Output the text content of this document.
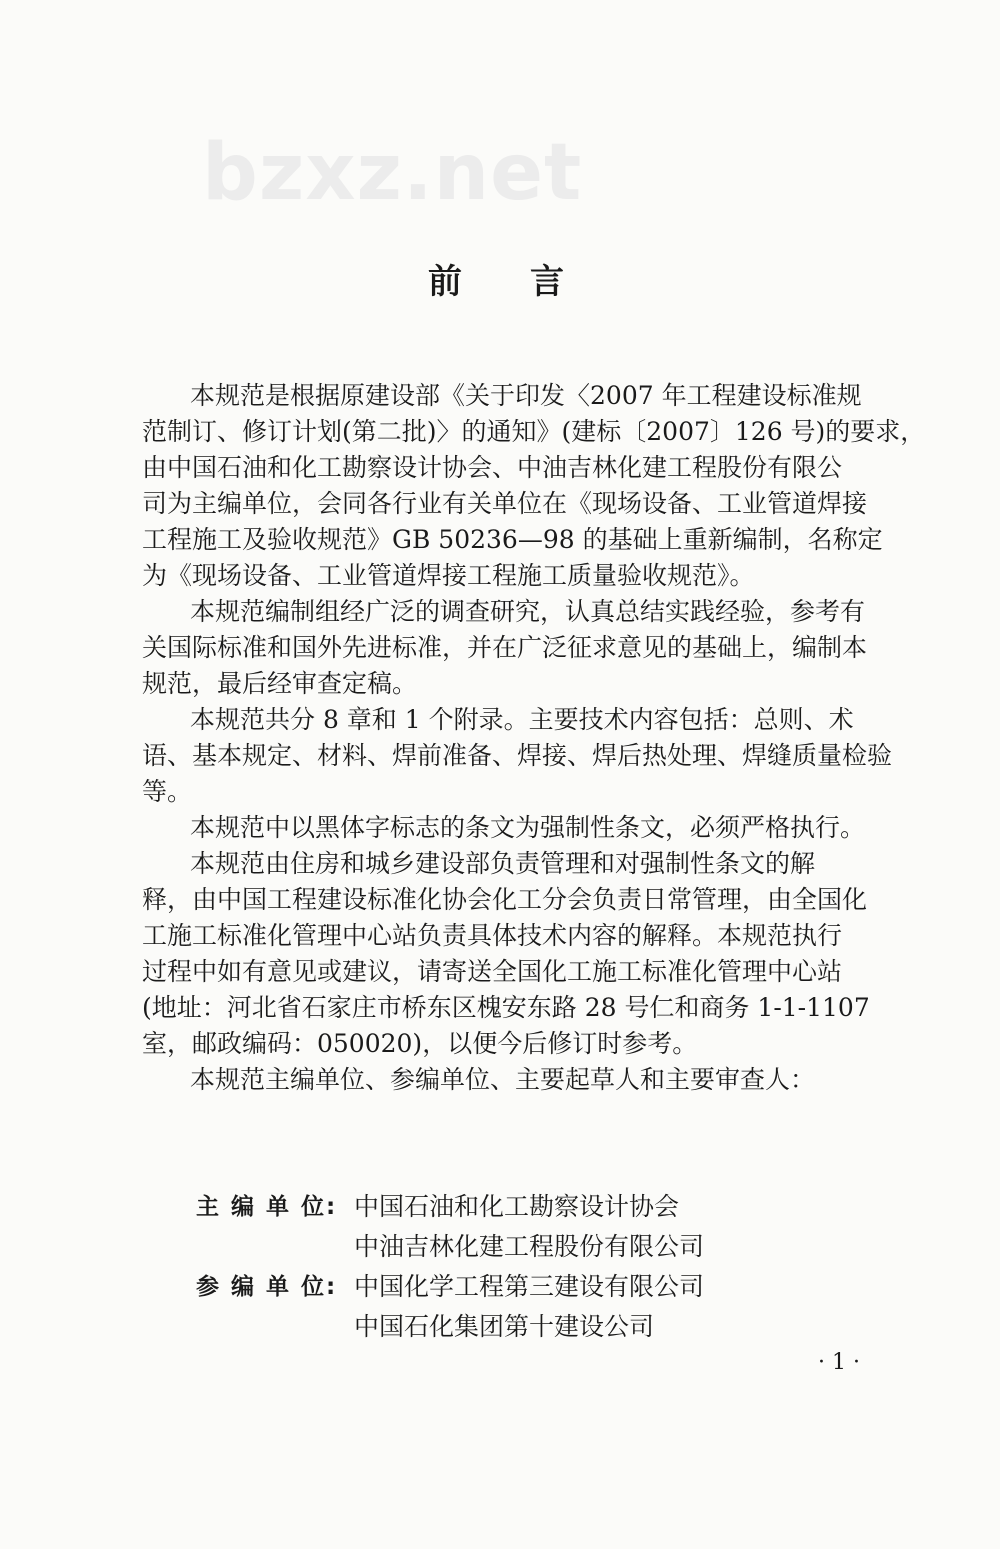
bzxz.net
前 言

本规范是根据原建设部《关于印发〈2007 年工程建设标准规
范制订、修订计划(第二批)〉的通知》(建标〔2007〕126 号)的要求，
由中国石油和化工勘察设计协会、中油吉林化建工程股份有限公
司为主编单位，会同各行业有关单位在《现场设备、工业管道焊接
工程施工及验收规范》GB 50236—98 的基础上重新编制，名称定
为《现场设备、工业管道焊接工程施工质量验收规范》。

本规范编制组经广泛的调查研究，认真总结实践经验，参考有
关国际标准和国外先进标准，并在广泛征求意见的基础上，编制本
规范，最后经审查定稿。

本规范共分 8 章和 1 个附录。主要技术内容包括：总则、术
语、基本规定、材料、焊前准备、焊接、焊后热处理、焊缝质量检验
等。

本规范中以黑体字标志的条文为强制性条文，必须严格执行。

本规范由住房和城乡建设部负责管理和对强制性条文的解
释，由中国工程建设标准化协会化工分会负责日常管理，由全国化
工施工标准化管理中心站负责具体技术内容的解释。本规范执行
过程中如有意见或建议，请寄送全国化工施工标准化管理中心站
(地址：河北省石家庄市桥东区槐安东路 28 号仁和商务 1-1-1107
室，邮政编码：050020)，以便今后修订时参考。

本规范主编单位、参编单位、主要起草人和主要审查人：

主 编 单 位: 中国石油和化工勘察设计协会
中油吉林化建工程股份有限公司
参 编 单 位: 中国化学工程第三建设有限公司
中国石化集团第十建设公司
· 1 ·
